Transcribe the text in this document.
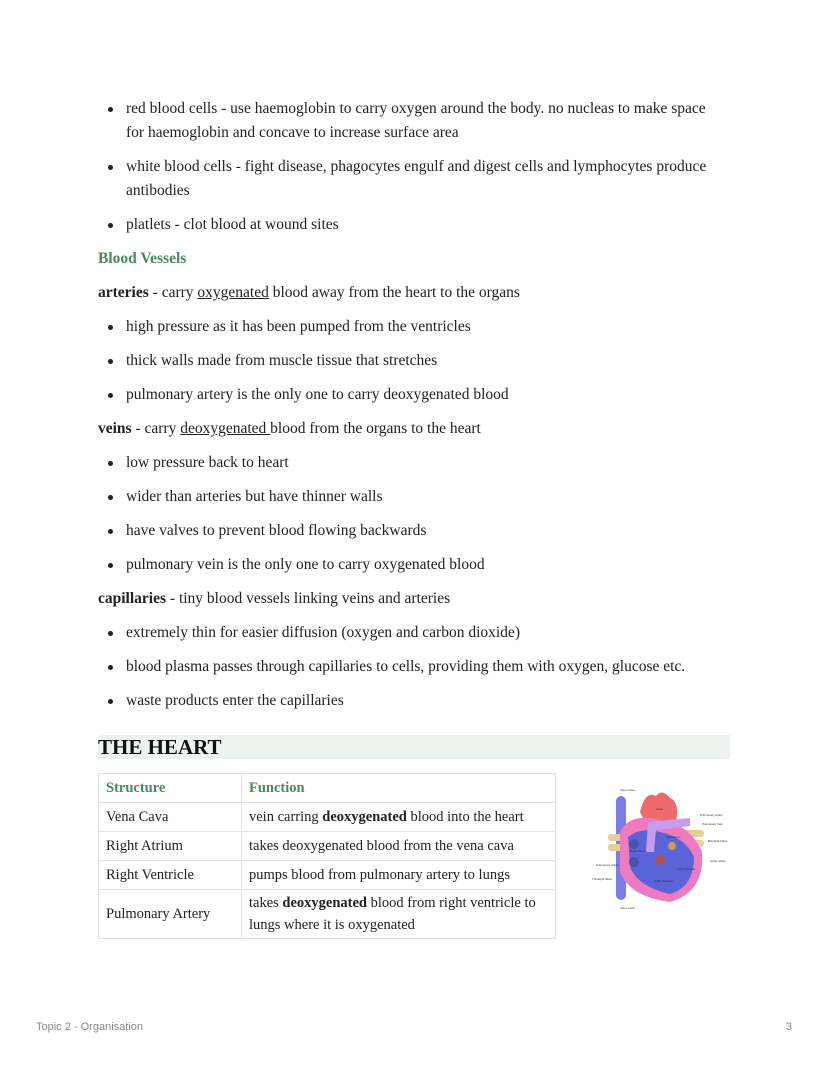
red blood cells - use haemoglobin to carry oxygen around the body. no nucleas to make space for haemoglobin and concave to increase surface area
white blood cells - fight disease, phagocytes engulf and digest cells and lymphocytes produce antibodies
platlets - clot blood at wound sites
Blood Vessels
arteries - carry oxygenated blood away from the heart to the organs
high pressure as it has been pumped from the ventricles
thick walls made from muscle tissue that stretches
pulmonary artery is the only one to carry deoxygenated blood
veins - carry deoxygenated blood from the organs to the heart
low pressure back to heart
wider than arteries but have thinner walls
have valves to prevent blood flowing backwards
pulmonary vein is the only one to carry oxygenated blood
capillaries - tiny blood vessels linking veins and arteries
extremely thin for easier diffusion (oxygen and carbon dioxide)
blood plasma passes through capillaries to cells, providing them with oxygen, glucose etc.
waste products enter the capillaries
THE HEART
Structure	Function
Vena Cava	vein carring deoxygenated blood into the heart
Right Atrium	takes deoxygenated blood from the vena cava
Right Ventricle	pumps blood from pulmonary artery to lungs
Pulmonary Artery	takes deoxygenated blood from right ventricle to lungs where it is oxygenated
Vena Cava
Aorta
Pulmonary Artery
Pulmonary Vein
Right Atrium
Left Atrium
Bicuspid Valve
Aortic Valve
Pulmonary Valve
Tricuspid Valve	Right Ventricle
Left Ventricle
Vena Cava
Topic 2 - Organisation	3
